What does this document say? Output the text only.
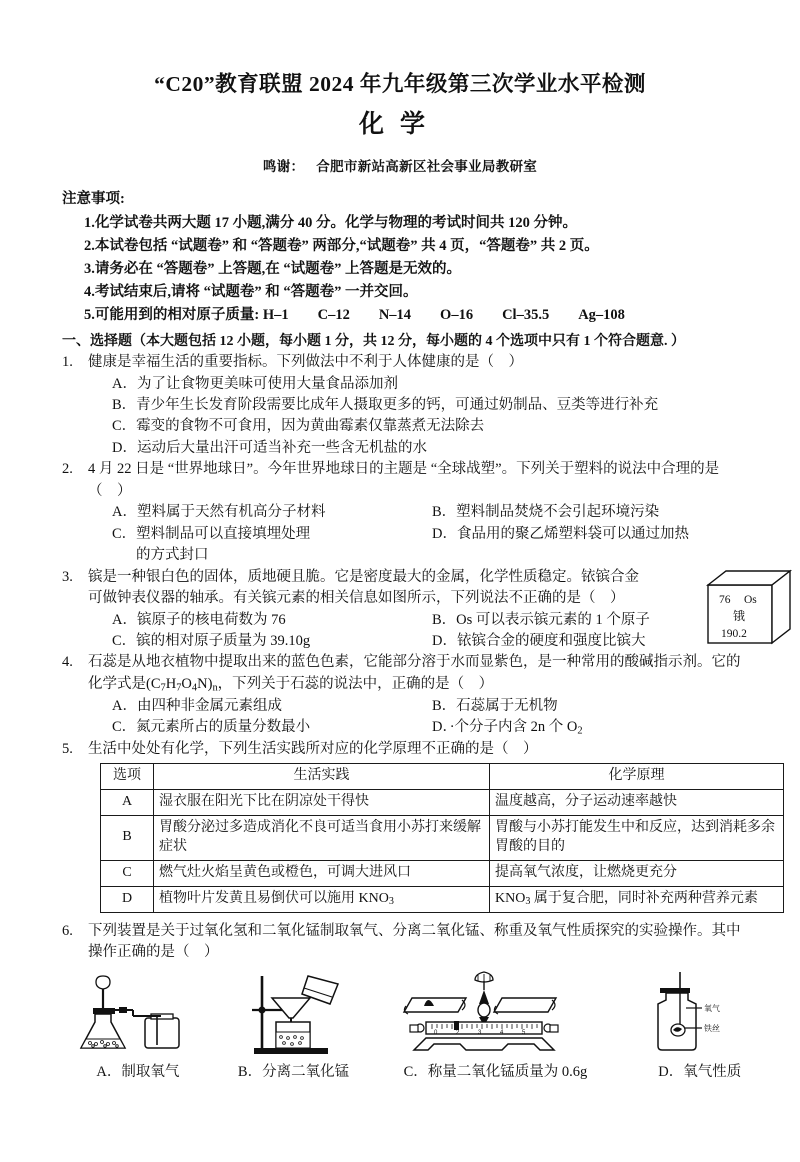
“C20”教育联盟 2024 年九年级第三次学业水平检测
化学
鸣谢： 合肥市新站高新区社会事业局教研室
注意事项:
1.化学试卷共两大题 17 小题,满分 40 分。化学与物理的考试时间共 120 分钟。
2.本试卷包括 “试题卷” 和 “答题卷” 两部分,“试题卷” 共 4 页，“答题卷” 共 2 页。
3.请务必在 “答题卷” 上答题,在 “试题卷” 上答题是无效的。
4.考试结束后,请将 “试题卷” 和 “答题卷” 一并交回。
5.可能用到的相对原子质量: H–1　　C–12　　N–14　　O–16　　Cl–35.5　　Ag–108
一、选择题（本大题包括 12 小题，每小题 1 分，共 12 分，每小题的 4 个选项中只有 1 个符合题意. ）
1.	健康是幸福生活的重要指标。下列做法中不利于人体健康的是（　）
A．为了让食物更美味可使用大量食品添加剂
B．青少年生长发育阶段需要比成年人摄取更多的钙，可通过奶制品、豆类等进行补充
C．霉变的食物不可食用，因为黄曲霉素仅靠蒸煮无法除去
D．运动后大量出汗可适当补充一些含无机盐的水
2.	4 月 22 日是 “世界地球日”。今年世界地球日的主题是 “全球战塑”。下列关于塑料的说法中合理的是
（　）
A．塑料属于天然有机高分子材料	B．塑料制品焚烧不会引起环境污染
C．塑料制品可以直接填埋处理	D．食品用的聚乙烯塑料袋可以通过加热
的方式封口
76 Os
锇
190.2
3.	镔是一种银白色的固体，质地硬且脆。它是密度最大的金属，化学性质稳定。铱镔合金
可做钟表仪器的轴承。有关镔元素的相关信息如图所示，下列说法不正确的是（　）
A．镔原子的核电荷数为 76	B．Os 可以表示镔元素的 1 个原子
C．镔的相对原子质量为 39.10g	D．铱镔合金的硬度和强度比镔大
4.	石蕊是从地衣植物中提取出来的蓝色色素，它能部分溶于水而显紫色，是一种常用的酸碱指示剂。它的
化学式是$(C_7H_7O_4N)_n$，下列关于石蕊的说法中，正确的是（　）
A．由四种非金属元素组成	B．石蕊属于无机物
C．氮元素所占的质量分数最小	D．·个分子内含 2n 个 $O_2$
5.	生活中处处有化学，下列生活实践所对应的化学原理不正确的是（　）
选项	生活实践	化学原理
A	湿衣服在阳光下比在阴凉处干得快	温度越高，分子运动速率越快
B	胃酸分泌过多造成消化不良可适当食用小苏打来缓解症状	胃酸与小苏打能发生中和反应，达到消耗多余胃酸的目的
C	燃气灶火焰呈黄色或橙色，可调大进风口	提高氧气浓度，让燃烧更充分
D	植物叶片发黄且易倒伏可以施用 $KNO_3$	$KNO_3$ 属于复合肥，同时补充两种营养元素
6.	下列装置是关于过氧化氢和二氧化锰制取氧气、分离二氧化锰、称重及氧气性质探究的实验操作。其中
操作正确的是（　）
A．制取氧气	B．分离二氧化锰
0	2	3	4	5
C．称量二氧化锰质量为 0.6g
氧气
铁丝
D．氧气性质
